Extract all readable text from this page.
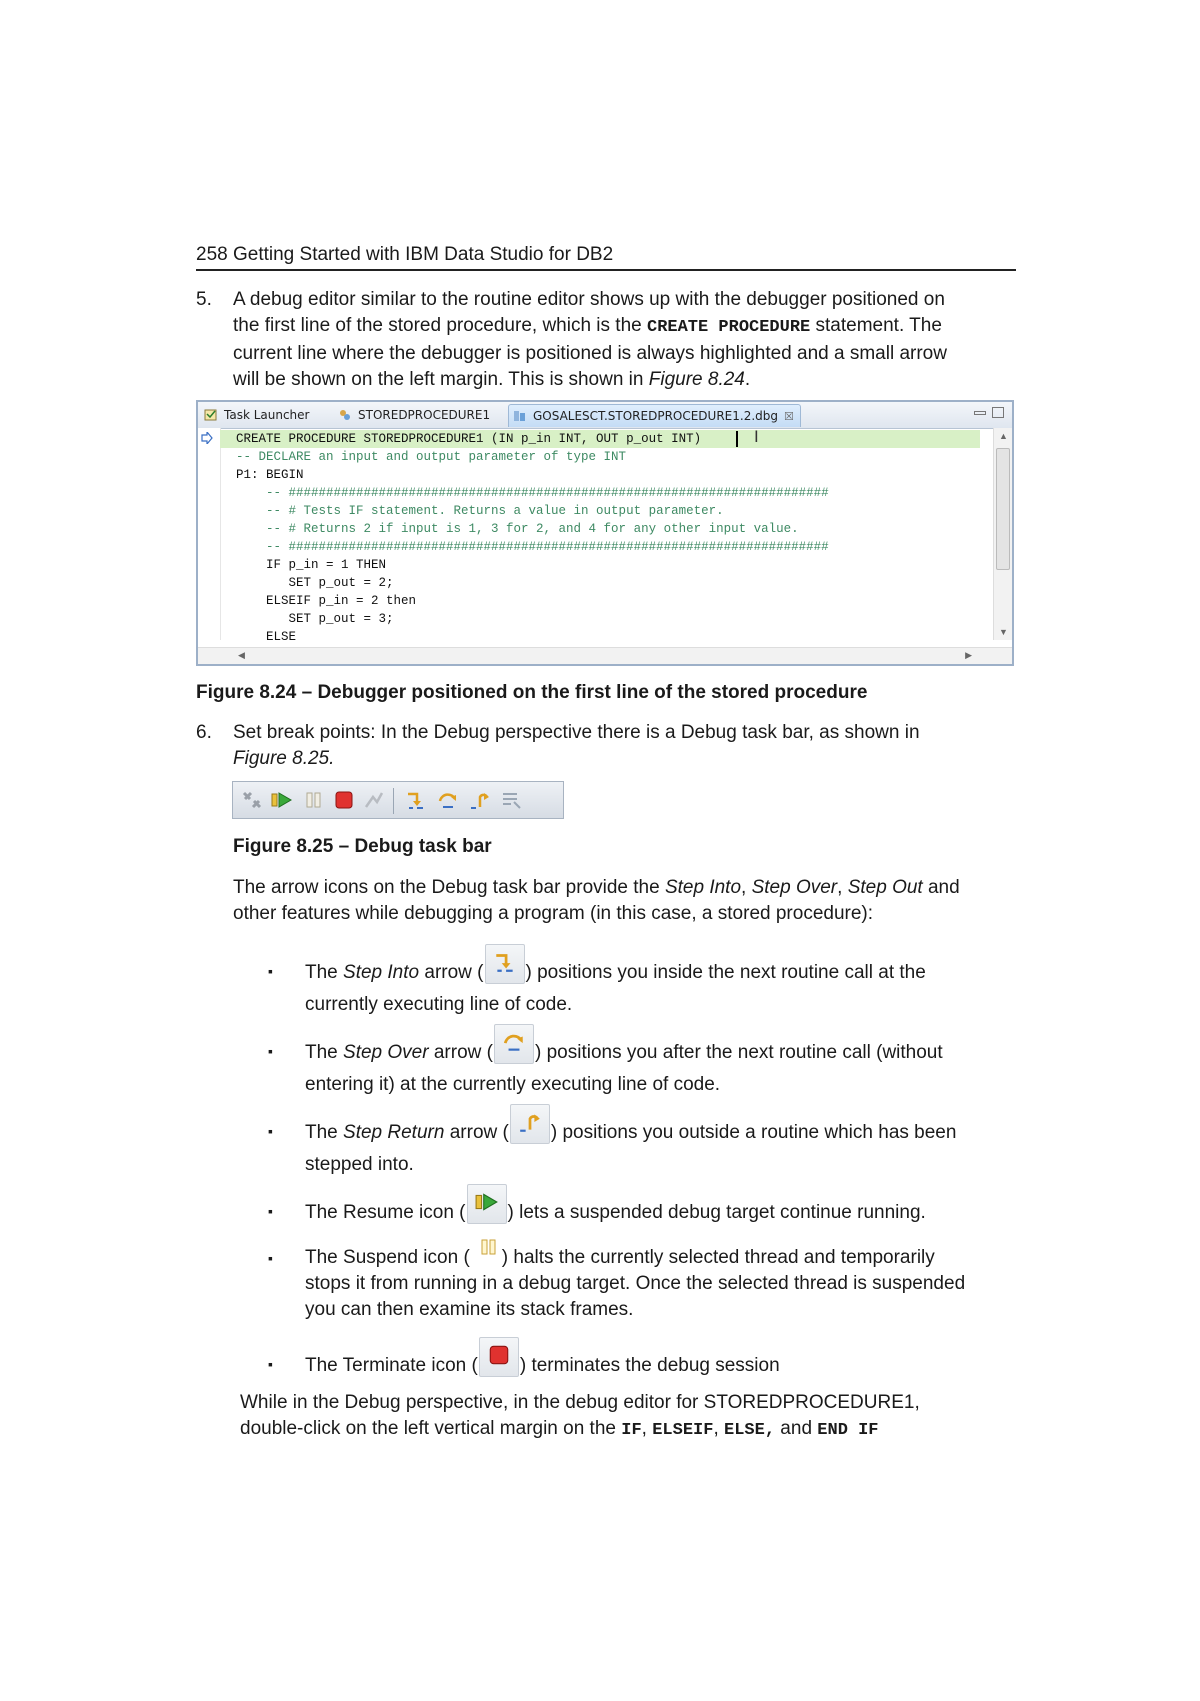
258 Getting Started with IBM Data Studio for DB2
5.	A debug editor similar to the routine editor shows up with the debugger positioned on
the first line of the stored procedure, which is the CREATE PROCEDURE statement. The
current line where the debugger is positioned is always highlighted and a small arrow
will be shown on the left margin. This is shown in Figure 8.24.
Task Launcher	STOREDPROCEDURE1	GOSALESCT.STOREDPROCEDURE1.2.dbg ☒
CREATE PROCEDURE STOREDPROCEDURE1 (IN p_in INT, OUT p_out INT)
-- DECLARE an input and output parameter of type INT
P1: BEGIN
-- ########################################################################
-- # Tests IF statement. Returns a value in output parameter.
-- # Returns 2 if input is 1, 3 for 2, and 4 for any other input value.
-- ########################################################################
IF p_in = 1 THEN
SET p_out = 2;
ELSEIF p_in = 2 then
SET p_out = 3;
ELSE
I	▲
▼
◀	▶
Figure 8.24 – Debugger positioned on the first line of the stored procedure
6.	Set break points: In the Debug perspective there is a Debug task bar, as shown in
Figure 8.25.
Figure 8.25 – Debug task bar
The arrow icons on the Debug task bar provide the Step Into, Step Over, Step Out and
other features while debugging a program (in this case, a stored procedure):
▪ The Step Into arrow ( ) positions you inside the next routine call at the
currently executing line of code.
▪ The Step Over arrow ( ) positions you after the next routine call (without
entering it) at the currently executing line of code.
▪ The Step Return arrow ( ) positions you outside a routine which has been
stepped into.
▪ The Resume icon ( ) lets a suspended debug target continue running.
▪ The Suspend icon ( ) halts the currently selected thread and temporarily
stops it from running in a debug target. Once the selected thread is suspended
you can then examine its stack frames.
▪ The Terminate icon ( ) terminates the debug session
While in the Debug perspective, in the debug editor for STOREDPROCEDURE1,
double-click on the left vertical margin on the IF, ELSEIF, ELSE, and END IF
